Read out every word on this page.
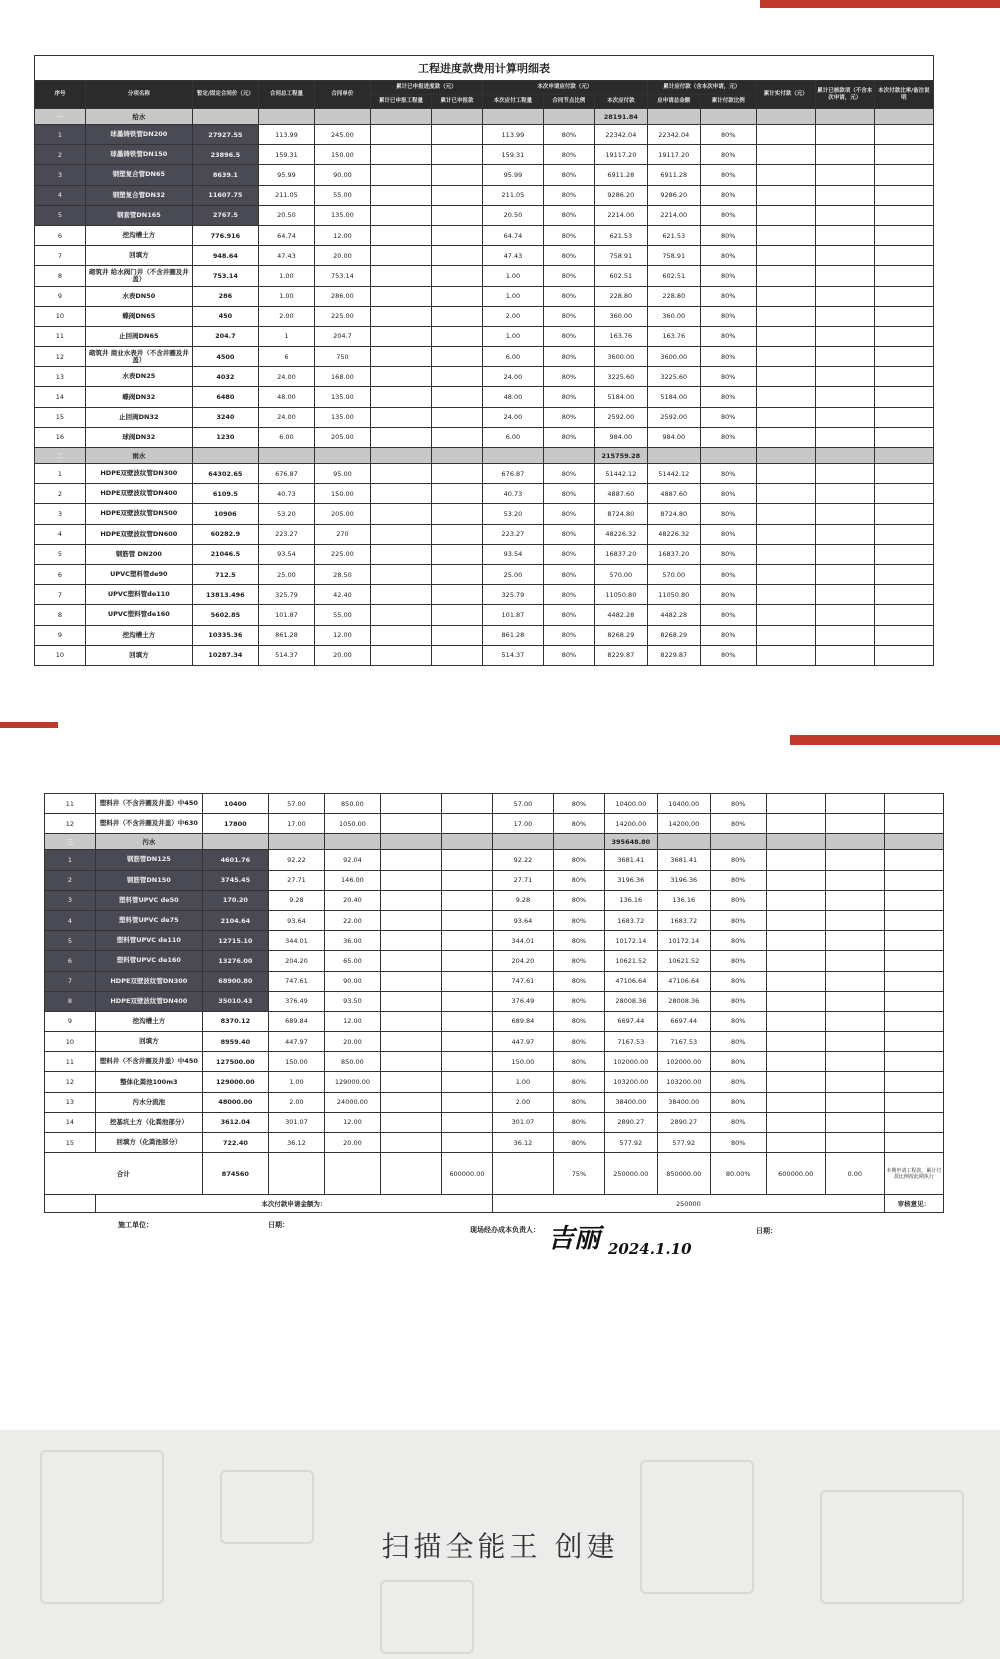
工程进度款费用计算明细表														
序号	分项名称	暂定/固定合同价（元）	合同总工程量	合同单价	累计已申报进度款（元）		本次申请应付款（元）			累计应付款（含本次申请，元）		累计实付款（元）	累计已核款项（不含本次申请，元）	本次付款比率/备注说明
					累计已申报工程量	累计已申报款	本次应付工程量	合同节点比例	本次应付款	应申请总金额	累计付款比例			
一	给水								28191.84					
1	球墨铸铁管DN200	27927.55	113.99	245.00			113.99	80%	22342.04	22342.04	80%			
2	球墨铸铁管DN150	23896.5	159.31	150.00			159.31	80%	19117.20	19117.20	80%			
3	钢塑复合管DN65	8639.1	95.99	90.00			95.99	80%	6911.28	6911.28	80%			
4	钢塑复合管DN32	11607.75	211.05	55.00			211.05	80%	9286.20	9286.20	80%			
5	钢套管DN165	2767.5	20.50	135.00			20.50	80%	2214.00	2214.00	80%			
6	挖沟槽土方	776.916	64.74	12.00			64.74	80%	621.53	621.53	80%			
7	回填方	948.64	47.43	20.00			47.43	80%	758.91	758.91	80%			
8	砌筑井 给水阀门井（不含井圈及井盖）	753.14	1.00	753.14			1.00	80%	602.51	602.51	80%			
9	水表DN50	286	1.00	286.00			1.00	80%	228.80	228.80	80%			
10	蝶阀DN65	450	2.00	225.00			2.00	80%	360.00	360.00	80%			
11	止回阀DN65	204.7	1	204.7			1.00	80%	163.76	163.76	80%			
12	砌筑井 商业水表井（不含井圈及井盖）	4500	6	750			6.00	80%	3600.00	3600.00	80%			
13	水表DN25	4032	24.00	168.00			24.00	80%	3225.60	3225.60	80%			
14	蝶阀DN32	6480	48.00	135.00			48.00	80%	5184.00	5184.00	80%			
15	止回阀DN32	3240	24.00	135.00			24.00	80%	2592.00	2592.00	80%			
16	球阀DN32	1230	6.00	205.00			6.00	80%	984.00	984.00	80%			
二	雨水								215759.28					
1	HDPE双壁波纹管DN300	64302.65	676.87	95.00			676.87	80%	51442.12	51442.12	80%			
2	HDPE双壁波纹管DN400	6109.5	40.73	150.00			40.73	80%	4887.60	4887.60	80%			
3	HDPE双壁波纹管DN500	10906	53.20	205.00			53.20	80%	8724.80	8724.80	80%			
4	HDPE双壁波纹管DN600	60282.9	223.27	270			223.27	80%	48226.32	48226.32	80%			
5	钢筋管 DN200	21046.5	93.54	225.00			93.54	80%	16837.20	16837.20	80%			
6	UPVC塑料管de90	712.5	25.00	28.50			25.00	80%	570.00	570.00	80%			
7	UPVC塑料管de110	13813.496	325.79	42.40			325.79	80%	11050.80	11050.80	80%			
8	UPVC塑料管de160	5602.85	101.87	55.00			101.87	80%	4482.28	4482.28	80%			
9	挖沟槽土方	10335.36	861.28	12.00			861.28	80%	8268.29	8268.29	80%			
10	回填方	10287.34	514.37	20.00			514.37	80%	8229.87	8229.87	80%			
11	塑料井（不含井圈及井盖）中450	10400	57.00	850.00			57.00	80%	10400.00	10400.00	80%			
12	塑料井（不含井圈及井盖）中630	17800	17.00	1050.00			17.00	80%	14200.00	14200.00	80%			
三	污水								395648.80					
1	钢筋管DN125	4601.76	92.22	92.04			92.22	80%	3681.41	3681.41	80%			
2	钢筋管DN150	3745.45	27.71	146.00			27.71	80%	3196.36	3196.36	80%			
3	塑料管UPVC de50	170.20	9.28	20.40			9.28	80%	136.16	136.16	80%			
4	塑料管UPVC de75	2104.64	93.64	22.00			93.64	80%	1683.72	1683.72	80%			
5	塑料管UPVC de110	12715.10	344.01	36.00			344.01	80%	10172.14	10172.14	80%			
6	塑料管UPVC de160	13276.00	204.20	65.00			204.20	80%	10621.52	10621.52	80%			
7	HDPE双壁波纹管DN300	68900.80	747.61	90.00			747.61	80%	47106.64	47106.64	80%			
8	HDPE双壁波纹管DN400	35010.43	376.49	93.50			376.49	80%	28008.36	28008.36	80%			
9	挖沟槽土方	8370.12	689.84	12.00			689.84	80%	6697.44	6697.44	80%			
10	回填方	8959.40	447.97	20.00			447.97	80%	7167.53	7167.53	80%			
11	塑料井（不含井圈及井盖）中450	127500.00	150.00	850.00			150.00	80%	102000.00	102000.00	80%			
12	整体化粪池100m3	129000.00	1.00	129000.00			1.00	80%	103200.00	103200.00	80%			
13	污水分流池	48000.00	2.00	24000.00			2.00	80%	38400.00	38400.00	80%			
14	挖基坑土方（化粪池部分）	3612.04	301.07	12.00			301.07	80%	2890.27	2890.27	80%			
15	回填方（化粪池部分）	722.40	36.12	20.00			36.12	80%	577.92	577.92	80%			
合计		874560				600000.00		75%	250000.00	850000.00	80.00%	600000.00	0.00	本期申请工程款，累计付款比例按此期执行
	本次付款申请金额为：						250000							审核意见：
施工单位：	日期：
现场经办成本负责人： 吉丽 2024.1.10
日期：
扫描全能王 创建
